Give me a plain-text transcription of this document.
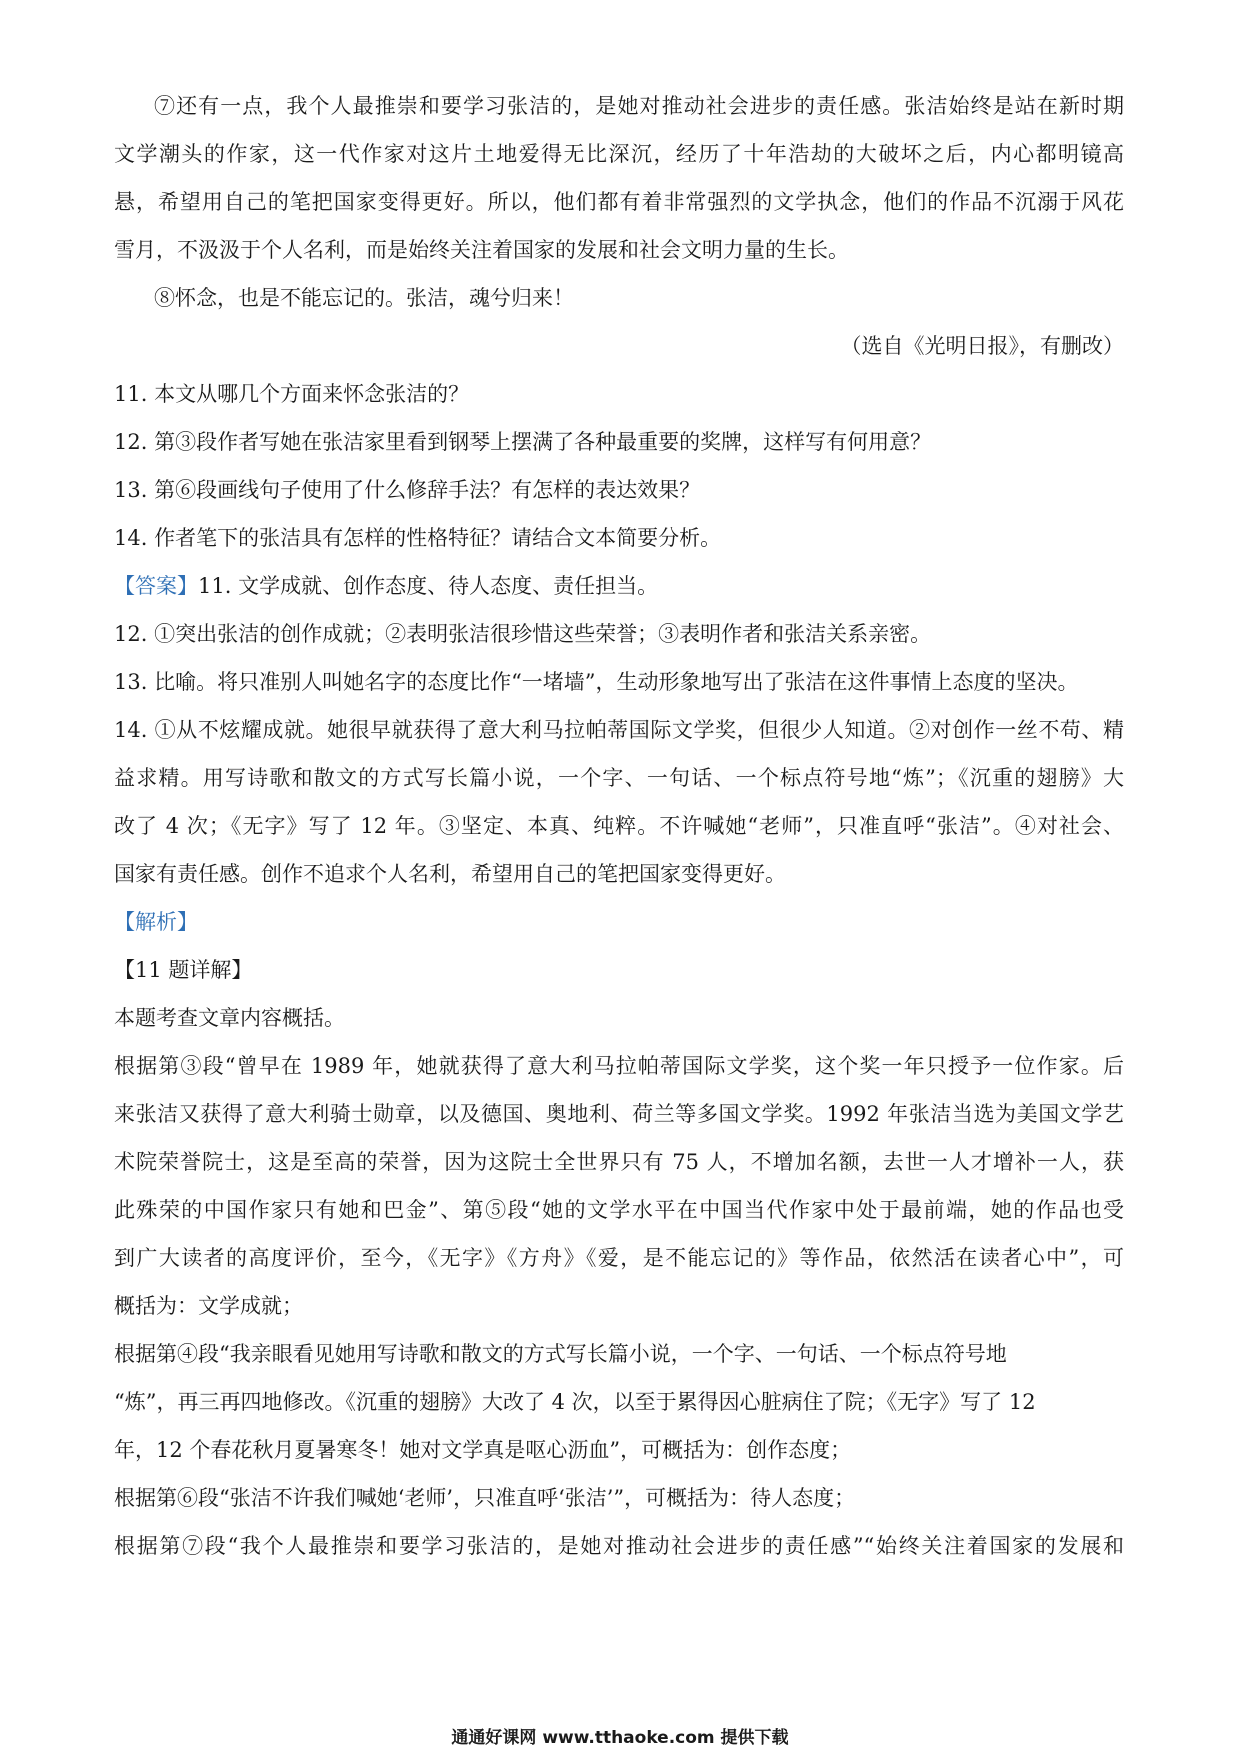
⑦还有一点，我个人最推崇和要学习张洁的，是她对推动社会进步的责任感。张洁始终是站在新时期
文学潮头的作家，这一代作家对这片土地爱得无比深沉，经历了十年浩劫的大破坏之后，内心都明镜高
悬，希望用自己的笔把国家变得更好。所以，他们都有着非常强烈的文学执念，他们的作品不沉溺于风花
雪月，不汲汲于个人名利，而是始终关注着国家的发展和社会文明力量的生长。
⑧怀念，也是不能忘记的。张洁，魂兮归来！
（选自《光明日报》，有删改）
11. 本文从哪几个方面来怀念张洁的？
12. 第③段作者写她在张洁家里看到钢琴上摆满了各种最重要的奖牌，这样写有何用意？
13. 第⑥段画线句子使用了什么修辞手法？有怎样的表达效果？
14. 作者笔下的张洁具有怎样的性格特征？请结合文本简要分析。
【答案】11. 文学成就、创作态度、待人态度、责任担当。
12. ①突出张洁的创作成就；②表明张洁很珍惜这些荣誉；③表明作者和张洁关系亲密。
13. 比喻。将只准别人叫她名字的态度比作“一堵墙”，生动形象地写出了张洁在这件事情上态度的坚决。
14. ①从不炫耀成就。她很早就获得了意大利马拉帕蒂国际文学奖，但很少人知道。②对创作一丝不苟、精
益求精。用写诗歌和散文的方式写长篇小说，一个字、一句话、一个标点符号地“炼”；《沉重的翅膀》大
改了 4 次；《无字》写了 12 年。③坚定、本真、纯粹。不许喊她“老师”，只准直呼“张洁”。④对社会、
国家有责任感。创作不追求个人名利，希望用自己的笔把国家变得更好。
【解析】
【11 题详解】
本题考查文章内容概括。
根据第③段“曾早在 1989 年，她就获得了意大利马拉帕蒂国际文学奖，这个奖一年只授予一位作家。后
来张洁又获得了意大利骑士勋章，以及德国、奥地利、荷兰等多国文学奖。1992 年张洁当选为美国文学艺
术院荣誉院士，这是至高的荣誉，因为这院士全世界只有 75 人，不增加名额，去世一人才增补一人，获
此殊荣的中国作家只有她和巴金”、第⑤段“她的文学水平在中国当代作家中处于最前端，她的作品也受
到广大读者的高度评价，至今，《无字》《方舟》《爱，是不能忘记的》等作品，依然活在读者心中”，可
概括为：文学成就；
根据第④段“我亲眼看见她用写诗歌和散文的方式写长篇小说，一个字、一句话、一个标点符号地
“炼”，再三再四地修改。《沉重的翅膀》大改了 4 次，以至于累得因心脏病住了院；《无字》写了 12
年，12 个春花秋月夏暑寒冬！她对文学真是呕心沥血”，可概括为：创作态度；
根据第⑥段“张洁不许我们喊她‘老师’，只准直呼‘张洁’”，可概括为：待人态度；
根据第⑦段“我个人最推崇和要学习张洁的，是她对推动社会进步的责任感”“始终关注着国家的发展和
通通好课网 www.tthaoke.com 提供下载
